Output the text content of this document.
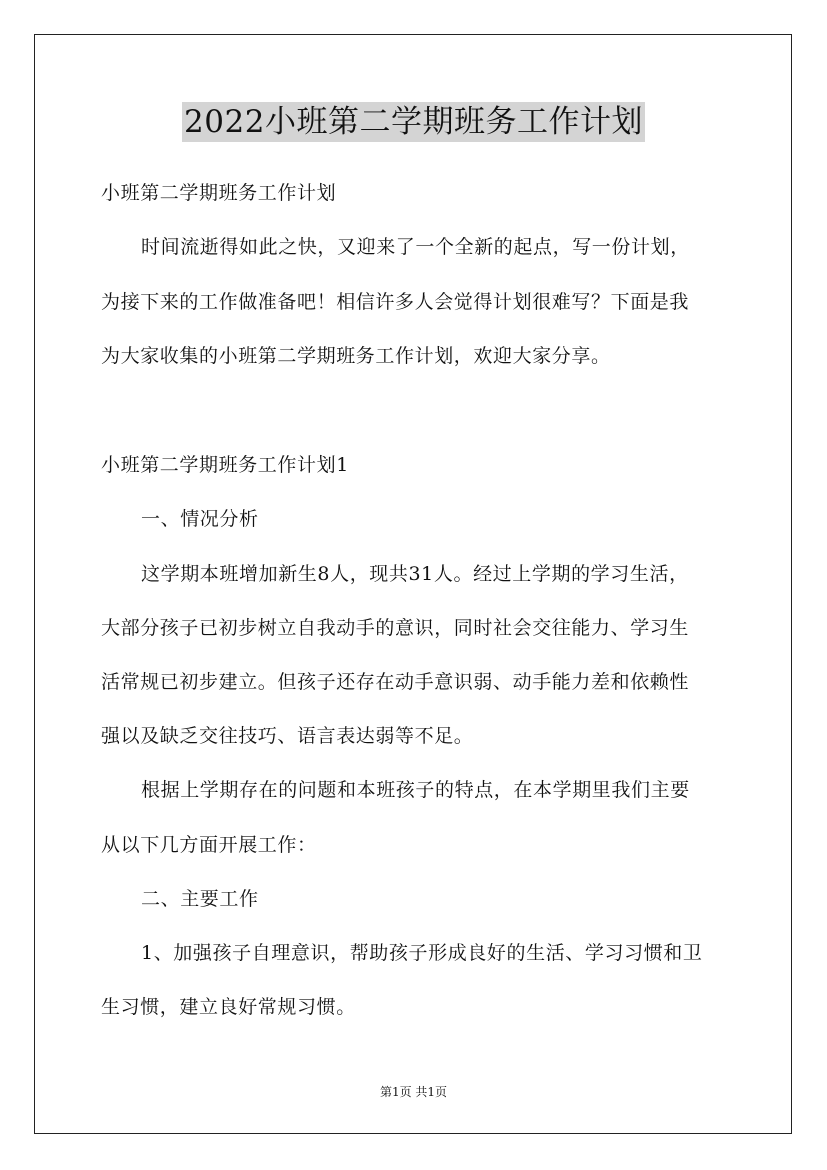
2022小班第二学期班务工作计划
小班第二学期班务工作计划
时间流逝得如此之快，又迎来了一个全新的起点，写一份计划，
为接下来的工作做准备吧！相信许多人会觉得计划很难写？下面是我
为大家收集的小班第二学期班务工作计划，欢迎大家分享。
小班第二学期班务工作计划1
一、情况分析
这学期本班增加新生8人，现共31人。经过上学期的学习生活，
大部分孩子已初步树立自我动手的意识，同时社会交往能力、学习生
活常规已初步建立。但孩子还存在动手意识弱、动手能力差和依赖性
强以及缺乏交往技巧、语言表达弱等不足。
根据上学期存在的问题和本班孩子的特点，在本学期里我们主要
从以下几方面开展工作：
二、主要工作
1、加强孩子自理意识，帮助孩子形成良好的生活、学习习惯和卫
生习惯，建立良好常规习惯。
第1页 共1页
